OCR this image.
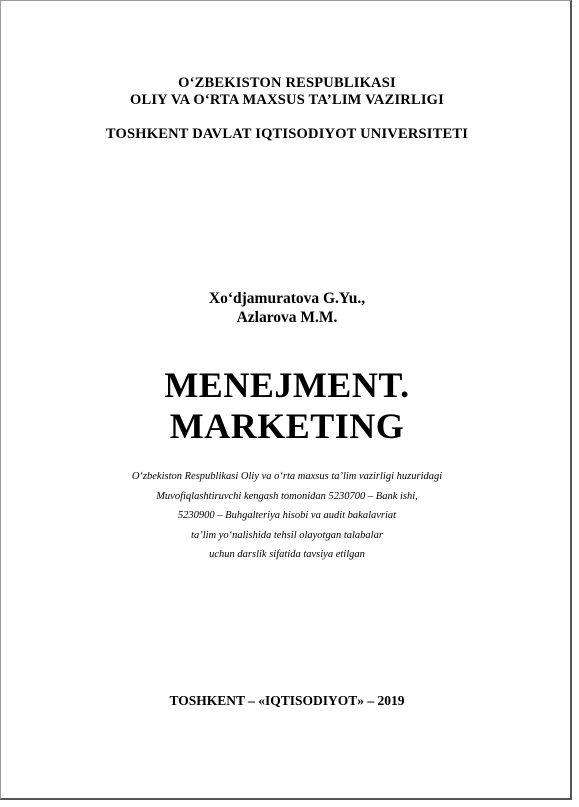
O‘ZBEKISTON RESPUBLIKASI
OLIY VA O‘RTA MAXSUS TA’LIM VAZIRLIGI
TOSHKENT DAVLAT IQTISODIYOT UNIVERSITETI
Xo‘djamuratova G.Yu.,
Azlarova M.M.
MENEJMENT.
MARKETING
O‘zbekiston Respublikasi Oliy va o‘rta maxsus ta’lim vazirligi huzuridagi
Muvofiqlashtiruvchi kengash tomonidan 5230700 – Bank ishi,
5230900 – Buhgalteriya hisobi va audit bakalavriat
ta’lim yo‘nalishida tehsil olayotgan talabalar
uchun darslik sifatida tavsiya etilgan
TOSHKENT – «IQTISODIYOT» – 2019
